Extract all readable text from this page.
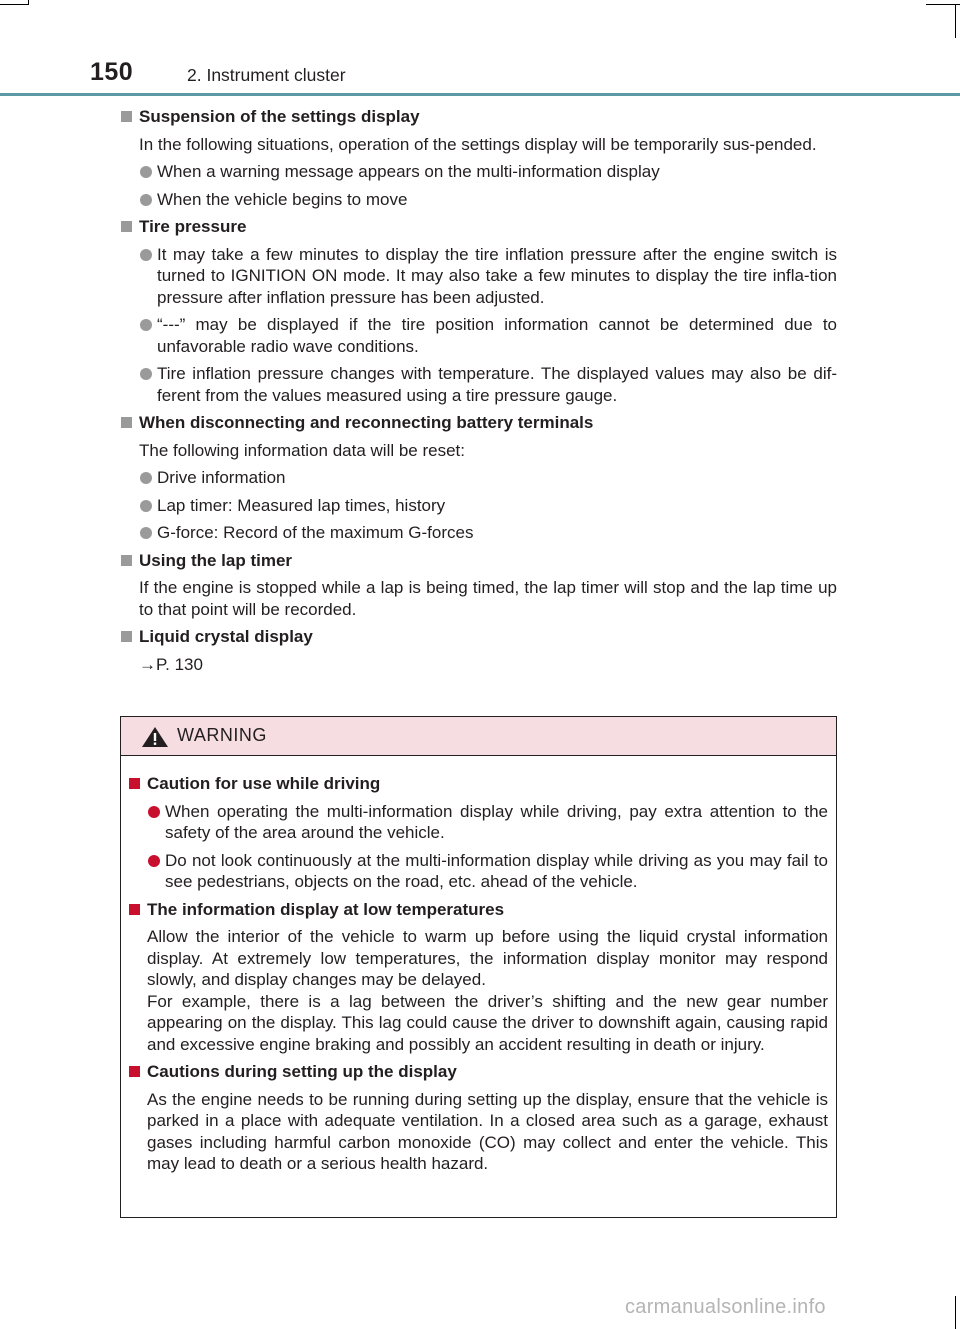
150	2. Instrument cluster
Suspension of the settings display
In the following situations, operation of the settings display will be temporarily sus-pended.
When a warning message appears on the multi-information display
When the vehicle begins to move
Tire pressure
It may take a few minutes to display the tire inflation pressure after the engine switch is turned to IGNITION ON mode. It may also take a few minutes to display the tire infla-tion pressure after inflation pressure has been adjusted.
“---” may be displayed if the tire position information cannot be determined due to unfavorable radio wave conditions.
Tire inflation pressure changes with temperature. The displayed values may also be dif-ferent from the values measured using a tire pressure gauge.
When disconnecting and reconnecting battery terminals
The following information data will be reset:
Drive information
Lap timer: Measured lap times, history
G-force: Record of the maximum G-forces
Using the lap timer
If the engine is stopped while a lap is being timed, the lap timer will stop and the lap time up to that point will be recorded.
Liquid crystal display
→P. 130
WARNING
Caution for use while driving
When operating the multi-information display while driving, pay extra attention to the safety of the area around the vehicle.
Do not look continuously at the multi-information display while driving as you may fail to see pedestrians, objects on the road, etc. ahead of the vehicle.
The information display at low temperatures
Allow the interior of the vehicle to warm up before using the liquid crystal information display. At extremely low temperatures, the information display monitor may respond slowly, and display changes may be delayed.
For example, there is a lag between the driver’s shifting and the new gear number appearing on the display. This lag could cause the driver to downshift again, causing rapid and excessive engine braking and possibly an accident resulting in death or injury.
Cautions during setting up the display
As the engine needs to be running during setting up the display, ensure that the vehicle is parked in a place with adequate ventilation. In a closed area such as a garage, exhaust gases including harmful carbon monoxide (CO) may collect and enter the vehicle. This may lead to death or a serious health hazard.
carmanualsonline.info
